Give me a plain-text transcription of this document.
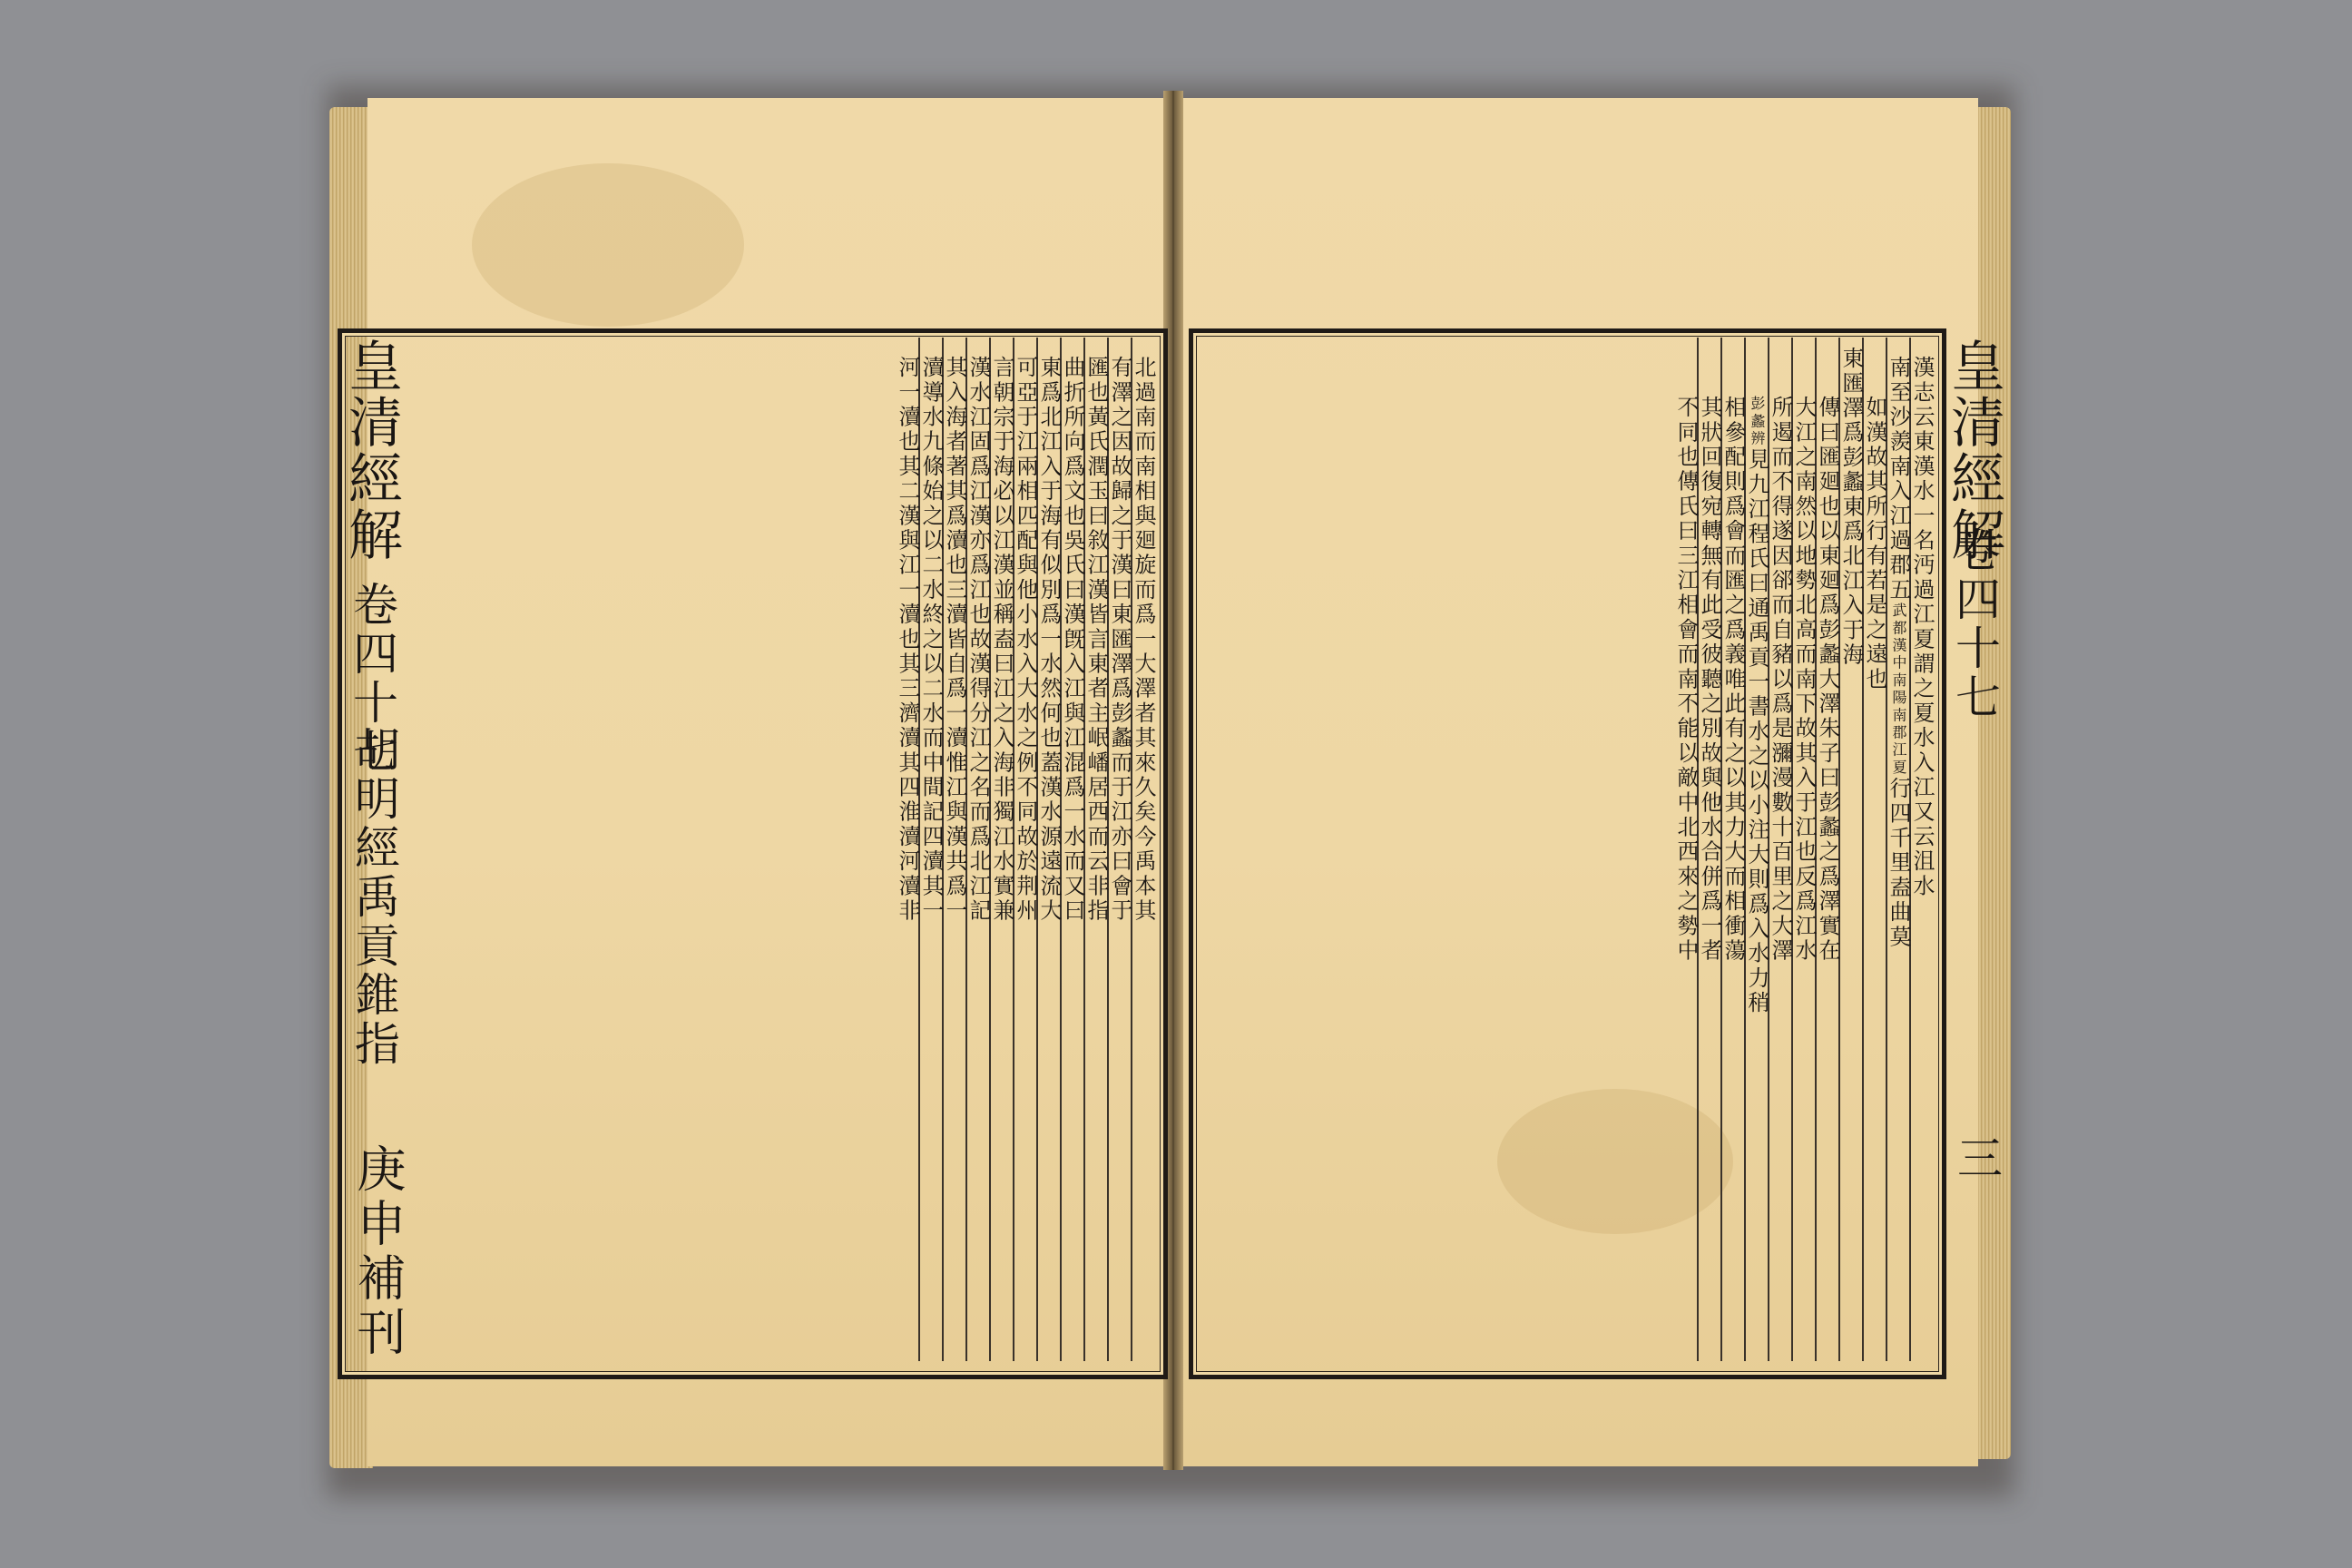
皇清經解
卷四十七
胡明經禹貢錐指
庚申補刊
北過南而南相與廻旋而爲一大澤者其來久矣今禹本其
有澤之因故歸之于漢曰東匯澤爲彭蠡而于江亦曰會于
匯也黃氏潤玉曰敘江漢皆言東者主岷嶓居西而云非指
曲折所向爲文也吳氏曰漢旣入江與江混爲一水而又曰
東爲北江入于海有似別爲一水然何也蓋漢水源遠流大
可亞于江兩相匹配與他小水入大水之例不同故於荆州
言朝宗于海必以江漢並稱盍曰江之入海非獨江水實兼
漢水江固爲江漢亦爲江也故漢得分江之名而爲北江記
其入海者著其爲瀆也三瀆皆自爲一瀆惟江與漢共爲一
瀆導水九條始之以二水終之以二水而中間記四瀆其一
河一瀆也其二漢與江一瀆也其三濟瀆其四淮瀆河瀆非	皇清經解
卷四十七
三
漢志云東漢水一名沔過江夏謂之夏水入江又云沮水
南至沙羨南入江過郡五武都漢中南陽南郡江夏行四千里盍曲莫
如漢故其所行有若是之遠也
東匯澤爲彭蠡東爲北江入于海
傳曰匯廻也以東廻爲彭蠡大澤朱子曰彭蠡之爲澤實在
大江之南然以地勢北高而南下故其入于江也反爲江水
所遏而不得遂因郤而自豬以爲是瀰漫數十百里之大澤
彭蠡辨見九江程氏曰通禹貢一書水之以小注大則爲入水力稍
相參配則爲會而匯之爲義唯此有之以其力大而相衝蕩
其狀回復宛轉無有此受彼聽之別故與他水合併爲一者
不同也傳氏曰三江相會而南不能以敵中北西來之勢中
